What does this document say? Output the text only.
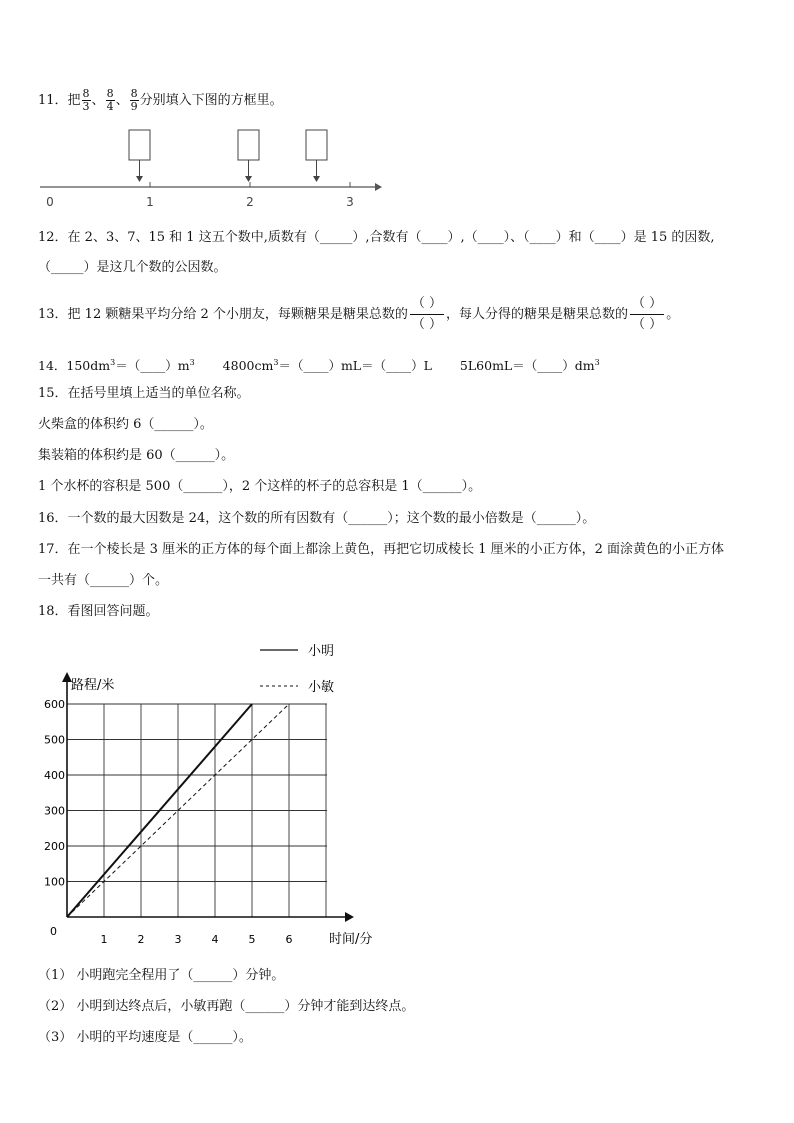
11．把 $\frac{8}{3}$ 、 $\frac{8}{4}$ 、 $\frac{8}{9}$ 分别填入下图的方框里。
0	1	2	3
12．在 2、3、7、15 和 1 这五个数中,质数有（_____）,合数有（____）,（____）、（____）和（____）是 15 的因数,
（_____）是这几个数的公因数。
13．把 12 颗糖果平均分给 2 个小朋友，每颗糖果是糖果总数的
（ ）
（ ）
，每人分得的糖果是糖果总数的
（ ）
（ ）
。
14．$150dm^3=(\_\_\_\_)m^3$ $4800cm^3=(\_\_\_\_)mL=(\_\_\_\_)L$ $5L60mL=(\_\_\_\_)dm^3$
15．在括号里填上适当的单位名称。
火柴盒的体积约 6（______）。
集装箱的体积约是 60（______）。
1 个水杯的容积是 500（______），2 个这样的杯子的总容积是 1（______）。
16．一个数的最大因数是 24，这个数的所有因数有（______）；这个数的最小倍数是（______）。
17．在一个棱长是 3 厘米的正方体的每个面上都涂上黄色，再把它切成棱长 1 厘米的小正方体，2 面涂黄色的小正方体
一共有（______）个。
18．看图回答问题。
路程/米
时间/分
0
100
200
300
400
500
600
1	2	3	4	5	6
小明
小敏
（1） 小明跑完全程用了（______）分钟。
（2） 小明到达终点后，小敏再跑（______）分钟才能到达终点。
（3） 小明的平均速度是（______）。
